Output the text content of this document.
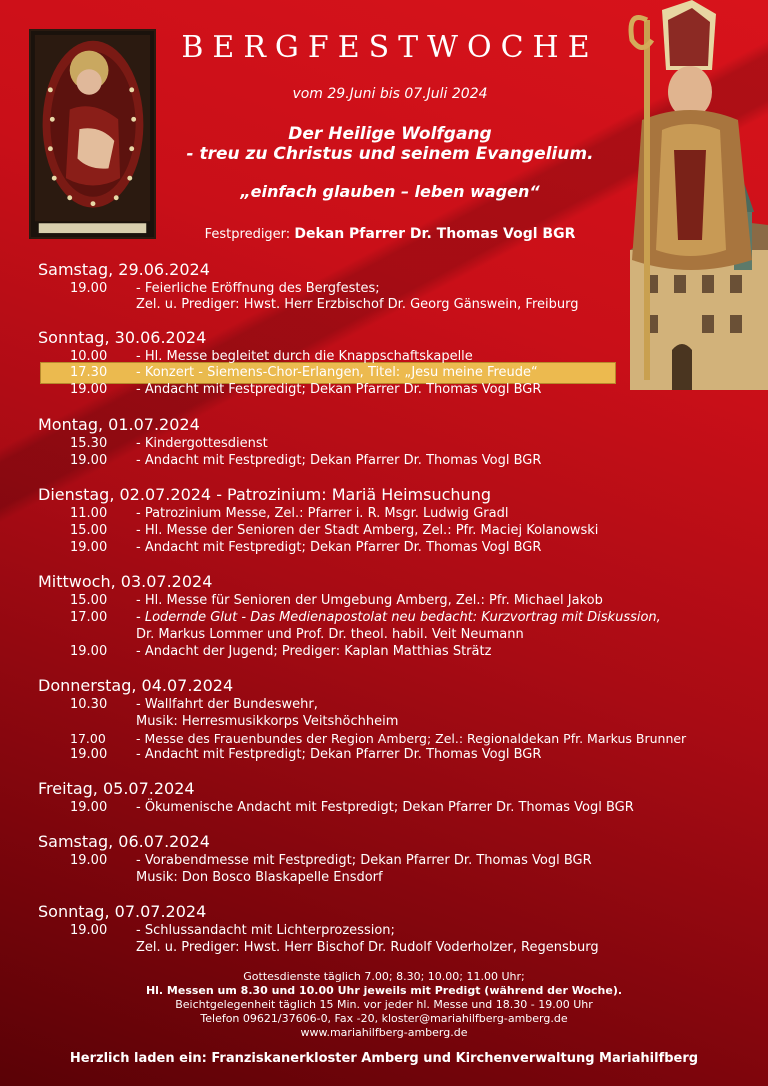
BERGFESTWOCHE
vom 29.Juni bis 07.Juli 2024
Der Heilige Wolfgang
- treu zu Christus und seinem Evangelium.
„einfach glauben – leben wagen“
Festprediger: Dekan Pfarrer Dr. Thomas Vogl BGR
Samstag, 29.06.2024
19.00 - Feierliche Eröffnung des Bergfestes;
Zel. u. Prediger: Hwst. Herr Erzbischof Dr. Georg Gänswein, Freiburg
Sonntag, 30.06.2024
10.00 - Hl. Messe begleitet durch die Knappschaftskapelle
17.30 - Konzert - Siemens-Chor-Erlangen, Titel: „Jesu meine Freude“
19.00 - Andacht mit Festpredigt; Dekan Pfarrer Dr. Thomas Vogl BGR
Montag, 01.07.2024
15.30 - Kindergottesdienst
19.00 - Andacht mit Festpredigt; Dekan Pfarrer Dr. Thomas Vogl BGR
Dienstag, 02.07.2024 - Patrozinium: Mariä Heimsuchung
11.00 - Patrozinium Messe, Zel.: Pfarrer i. R. Msgr. Ludwig Gradl
15.00 - Hl. Messe der Senioren der Stadt Amberg, Zel.: Pfr. Maciej Kolanowski
19.00 - Andacht mit Festpredigt; Dekan Pfarrer Dr. Thomas Vogl BGR
Mittwoch, 03.07.2024
15.00 - Hl. Messe für Senioren der Umgebung Amberg, Zel.: Pfr. Michael Jakob
17.00 - Lodernde Glut - Das Medienapostolat neu bedacht: Kurzvortrag mit Diskussion,
Dr. Markus Lommer und Prof. Dr. theol. habil. Veit Neumann
19.00 - Andacht der Jugend; Prediger: Kaplan Matthias Strätz
Donnerstag, 04.07.2024
10.30 - Wallfahrt der Bundeswehr,
Musik: Herresmusikkorps Veitshöchheim
17.00 - Messe des Frauenbundes der Region Amberg; Zel.: Regionaldekan Pfr. Markus Brunner
19.00 - Andacht mit Festpredigt; Dekan Pfarrer Dr. Thomas Vogl BGR
Freitag, 05.07.2024
19.00 - Ökumenische Andacht mit Festpredigt; Dekan Pfarrer Dr. Thomas Vogl BGR
Samstag, 06.07.2024
19.00 - Vorabendmesse mit Festpredigt; Dekan Pfarrer Dr. Thomas Vogl BGR
Musik: Don Bosco Blaskapelle Ensdorf
Sonntag, 07.07.2024
19.00 - Schlussandacht mit Lichterprozession;
Zel. u. Prediger: Hwst. Herr Bischof Dr. Rudolf Voderholzer, Regensburg
Gottesdienste täglich 7.00; 8.30; 10.00; 11.00 Uhr;
Hl. Messen um 8.30 und 10.00 Uhr jeweils mit Predigt (während der Woche).
Beichtgelegenheit täglich 15 Min. vor jeder hl. Messe und 18.30 - 19.00 Uhr
Telefon 09621/37606-0, Fax -20, kloster@mariahilfberg-amberg.de
www.mariahilfberg-amberg.de
Herzlich laden ein: Franziskanerkloster Amberg und Kirchenverwaltung Mariahilfberg
